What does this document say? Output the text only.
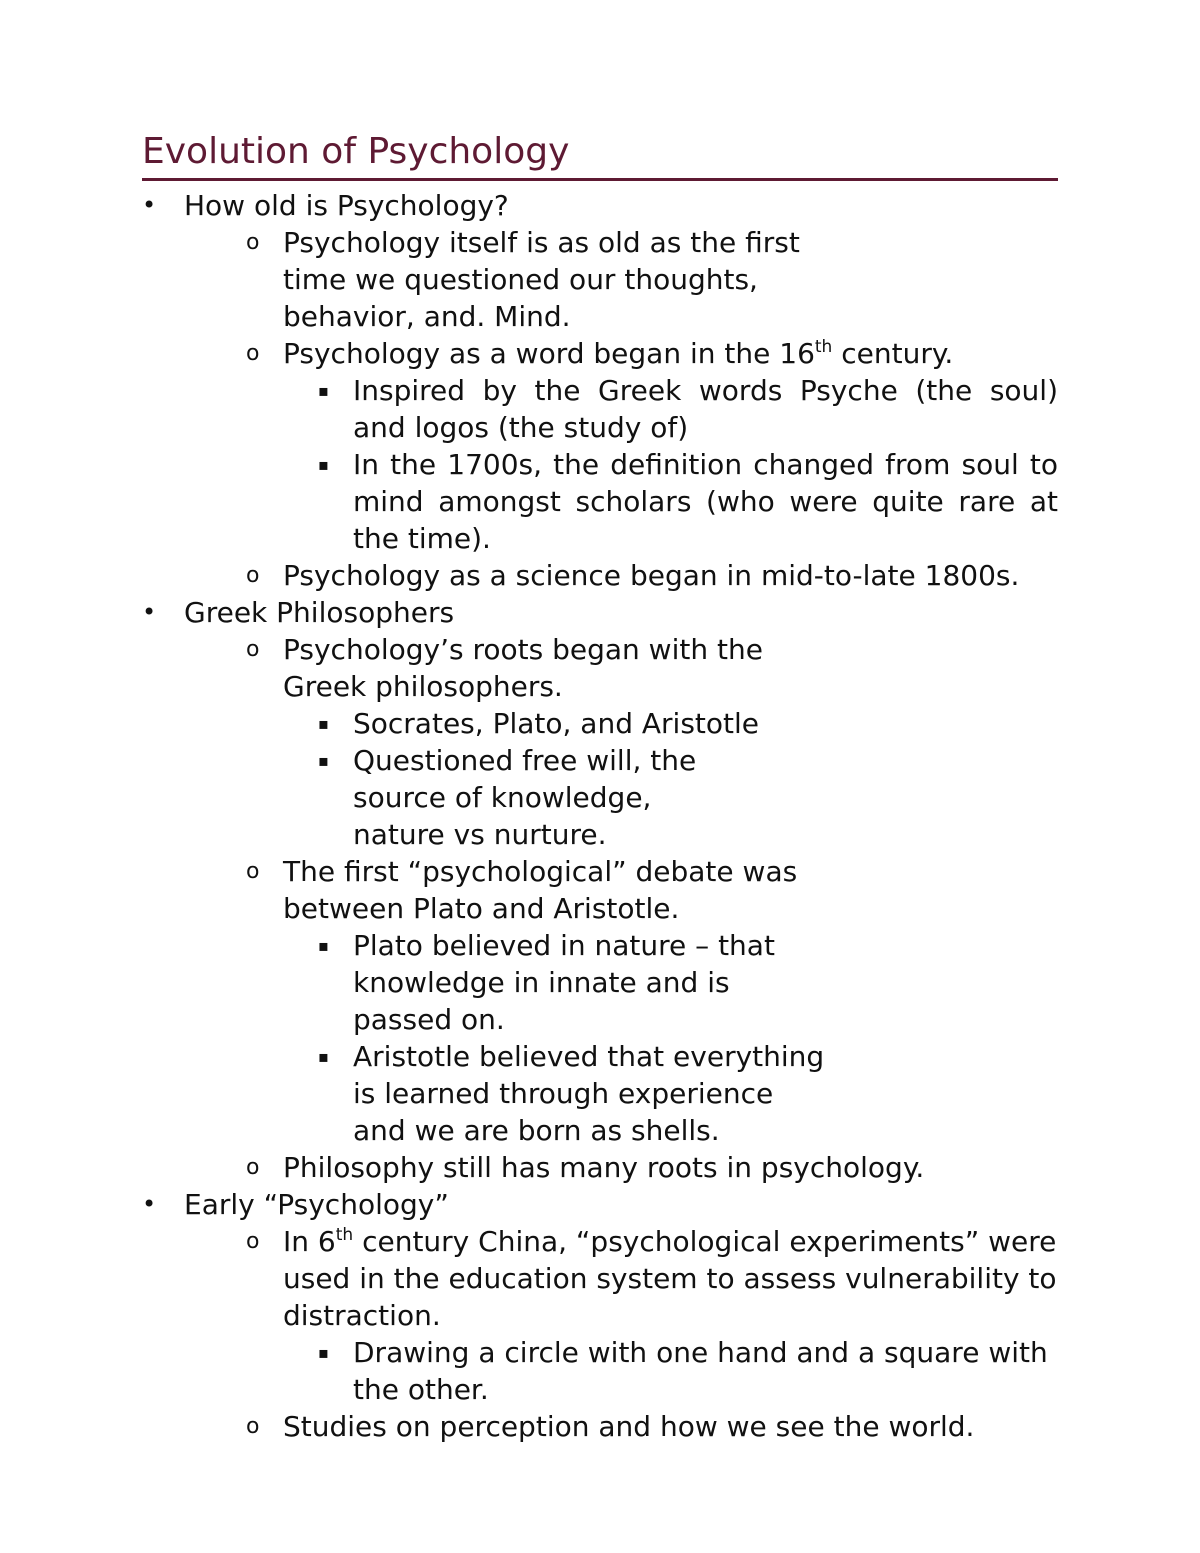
Evolution of Psychology
• How old is Psychology?
o Psychology itself is as old as the first time we questioned our thoughts, behavior, and. Mind.
o Psychology as a word began in the 16th century.
▪ Inspired by the Greek words Psyche (the soul) and logos (the study of)
▪ In the 1700s, the definition changed from soul to mind amongst scholars (who were quite rare at the time).
o Psychology as a science began in mid-to-late 1800s.
• Greek Philosophers
o Psychology’s roots began with the Greek philosophers.
▪ Socrates, Plato, and Aristotle
▪ Questioned free will, the source of knowledge, nature vs nurture.
o The first “psychological” debate was between Plato and Aristotle.
▪ Plato believed in nature – that knowledge in innate and is passed on.
▪ Aristotle believed that everything is learned through experience and we are born as shells.
o Philosophy still has many roots in psychology.
• Early “Psychology”
o In 6th century China, “psychological experiments” were used in the education system to assess vulnerability to distraction.
▪ Drawing a circle with one hand and a square with the other.
o Studies on perception and how we see the world.
